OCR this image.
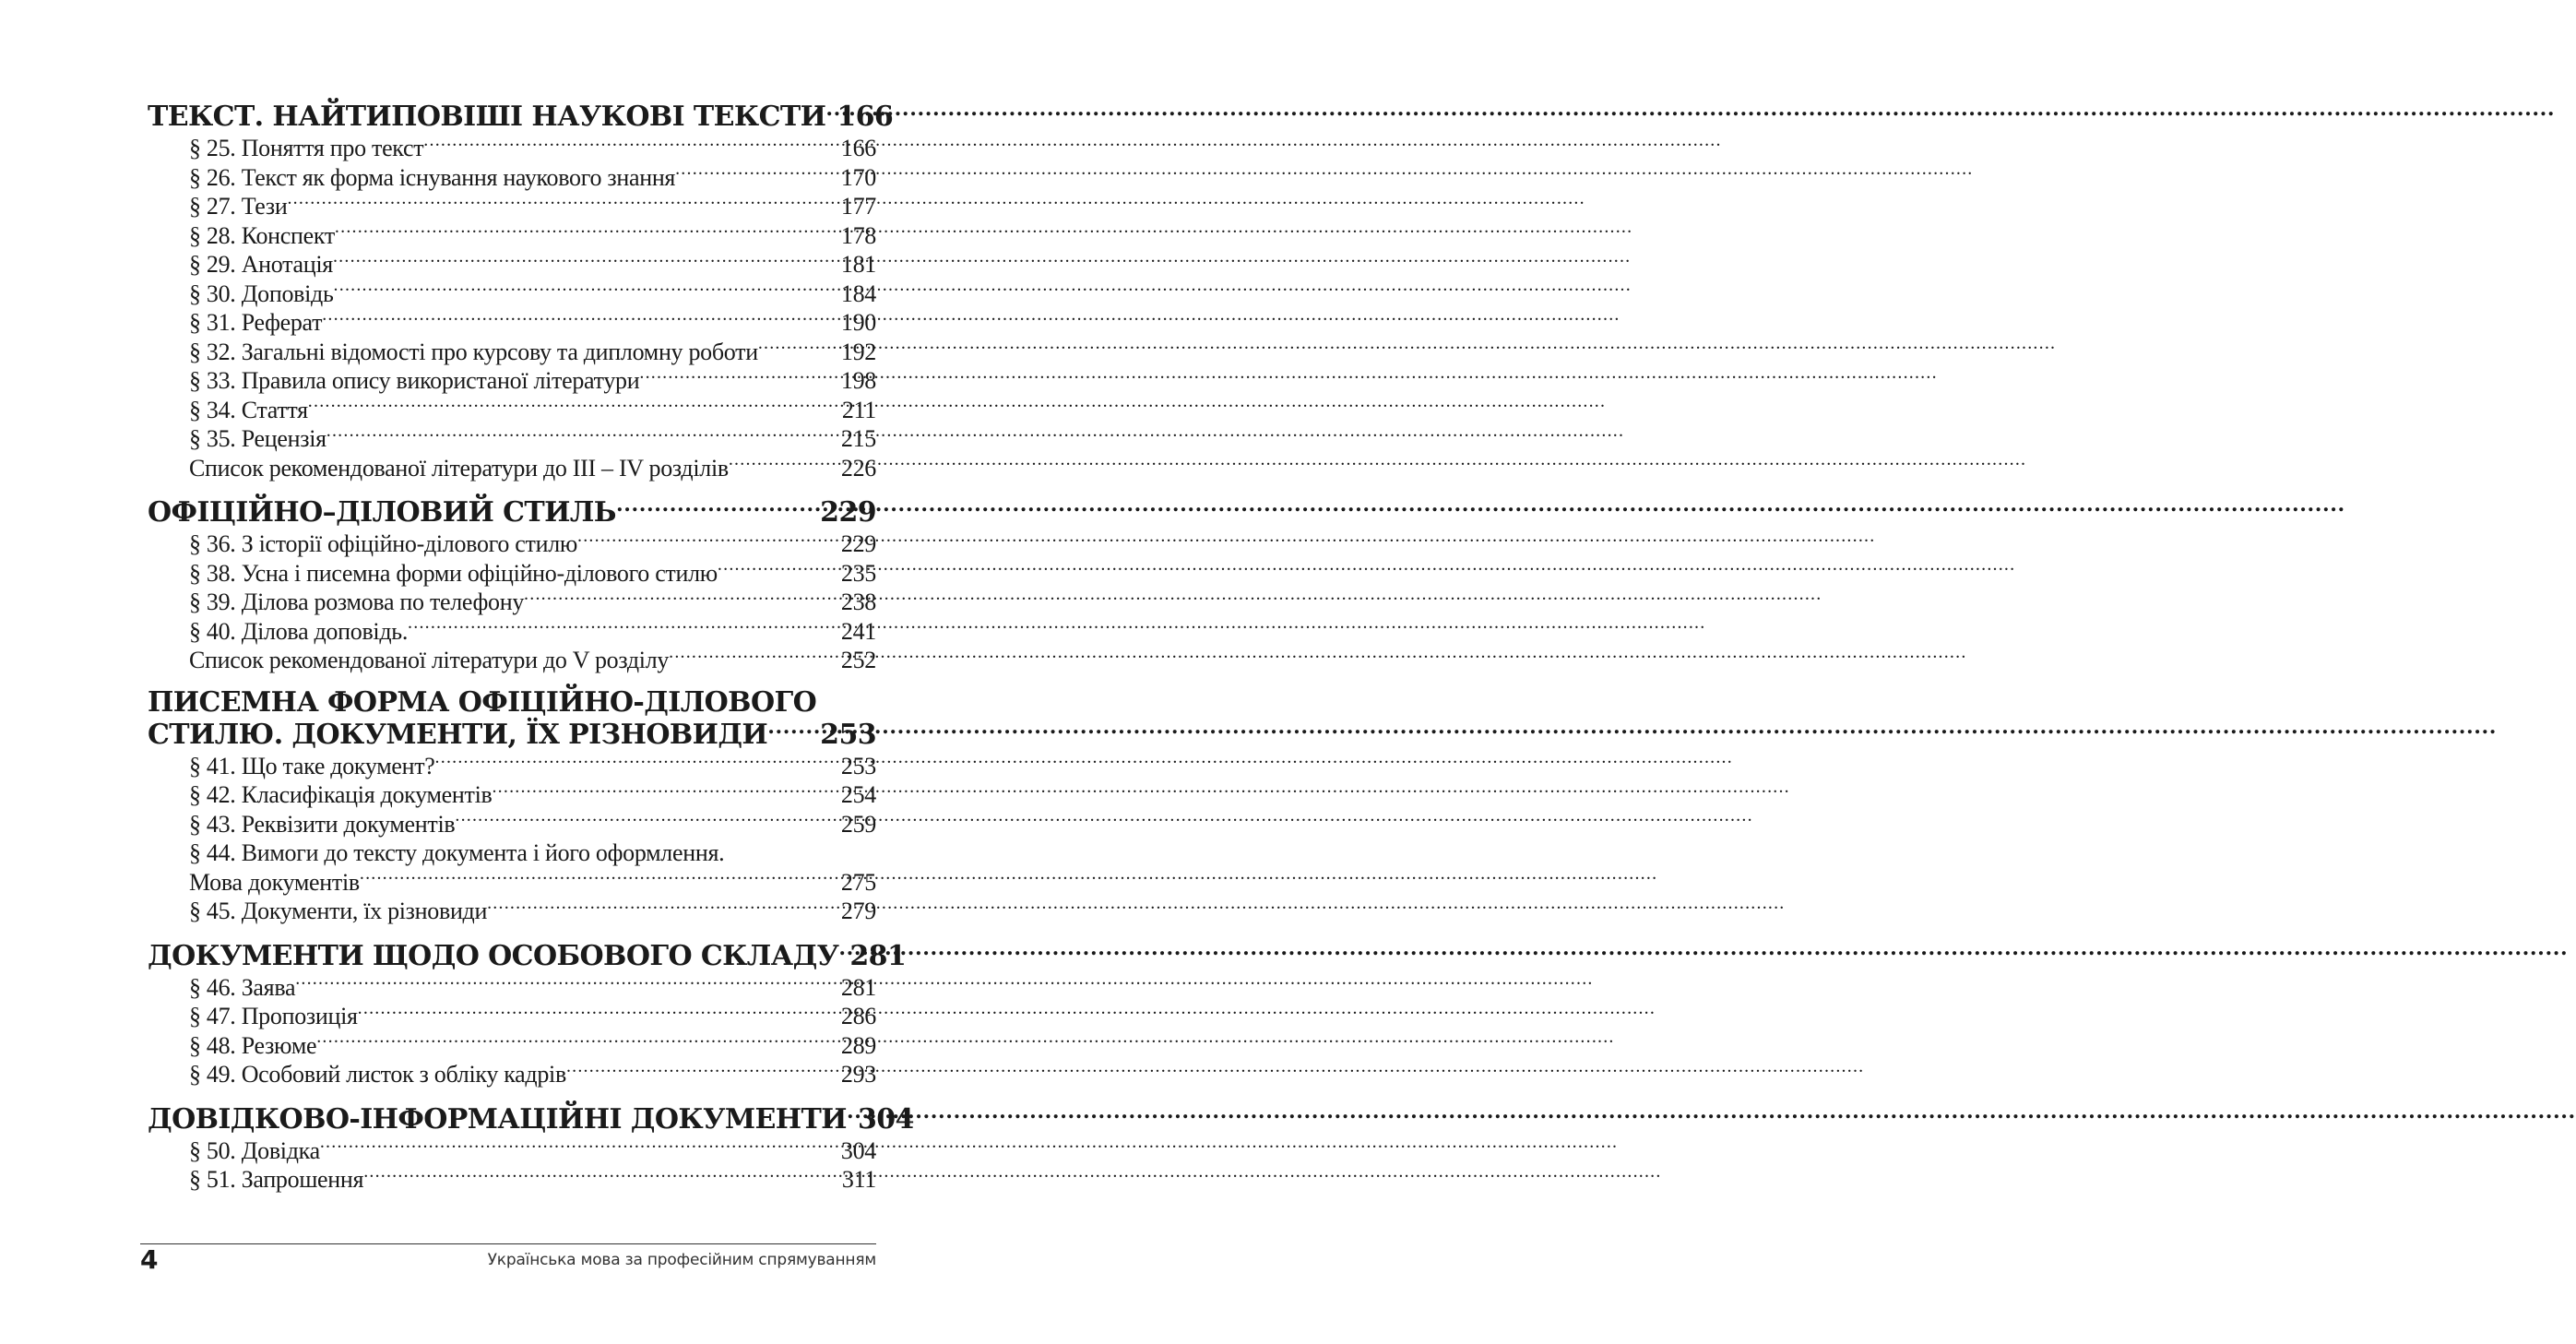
ТЕКСТ. НАЙТИПОВІШІ НАУКОВІ ТЕКСТИ ..... 166
§ 25. Поняття про текст .....	166
§ 26. Текст як форма існування наукового знання .....	170
§ 27. Тези .....	177
§ 28. Конспект .....	178
§ 29. Анотація .....	181
§ 30. Доповідь .....	184
§ 31. Реферат .....	190
§ 32. Загальні відомості про курсову та дипломну роботи .....	192
§ 33. Правила опису використаної літератури .....	198
§ 34. Стаття .....	211
§ 35. Рецензія .....	215
Список рекомендованої літератури до III – IV розділів .....	226
ОФІЦІЙНО–ДІЛОВИЙ СТИЛЬ .....	229
§ 36. З історії офіційно-ділового стилю .....	229
§ 38. Усна і писемна форми офіційно-ділового стилю .....	235
§ 39. Ділова розмова по телефону .....	238
§ 40. Ділова доповідь. .....	241
Список рекомендованої літератури до V розділу .....	252
ПИСЕМНА ФОРМА ОФІЦІЙНО-ДІЛОВОГО
СТИЛЮ. ДОКУМЕНТИ, ЇХ РІЗНОВИДИ ..... 253
§ 41. Що таке документ? .....	253
§ 42. Класифікація документів .....	254
§ 43. Реквізити документів .....	259
§ 44. Вимоги до тексту документа і його оформлення.
Мова документів .....	275
§ 45. Документи, їх різновиди .....	279
ДОКУМЕНТИ ЩОДО ОСОБОВОГО СКЛАДУ ..... 281
§ 46. Заява .....	281
§ 47. Пропозиція .....	286
§ 48. Резюме .....	289
§ 49. Особовий листок з обліку кадрів .....	293
ДОВІДКОВО-ІНФОРМАЦІЙНІ ДОКУМЕНТИ ..... 304
§ 50. Довідка .....	304
§ 51. Запрошення .....	311
4	Українська мова за професійним спрямуванням
